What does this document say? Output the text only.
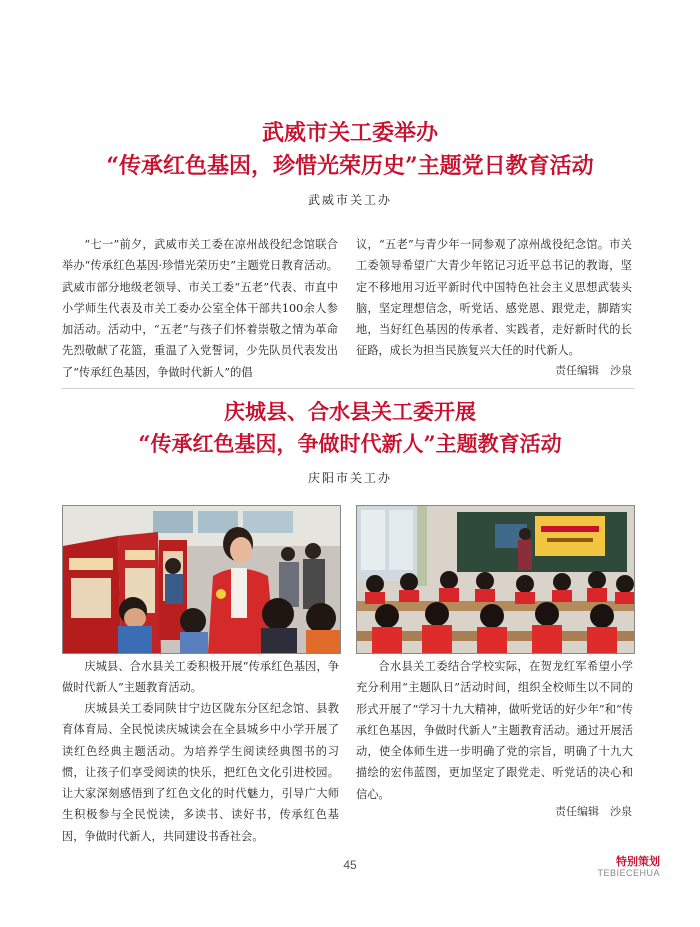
武威市关工委举办
“传承红色基因，珍惜光荣历史”主题党日教育活动
武威市关工办

“七一”前夕，武威市关工委在凉州战役纪念馆联合举办“传承红色基因·珍惜光荣历史”主题党日教育活动。武威市部分地级老领导、市关工委“五老”代表、市直中小学师生代表及市关工委办公室全体干部共100余人参加活动。活动中，“五老”与孩子们怀着崇敬之情为革命先烈敬献了花篮，重温了入党誓词，少先队员代表发出了“传承红色基因，争做时代新人”的倡

议，“五老”与青少年一同参观了凉州战役纪念馆。市关工委领导希望广大青少年铭记习近平总书记的教诲，坚定不移地用习近平新时代中国特色社会主义思想武装头脑，坚定理想信念，听党话、感党恩、跟党走，脚踏实地，当好红色基因的传承者、实践者，走好新时代的长征路，成长为担当民族复兴大任的时代新人。

责任编辑　沙泉
庆城县、合水县关工委开展
“传承红色基因，争做时代新人”主题教育活动
庆阳市关工办

庆城县、合水县关工委积极开展“传承红色基因，争做时代新人”主题教育活动。

庆城县关工委同陕甘宁边区陇东分区纪念馆、县教育体育局、全民悦读庆城读会在全县城乡中小学开展了读红色经典主题活动。为培养学生阅读经典图书的习惯，让孩子们享受阅读的快乐，把红色文化引进校园。让大家深刻感悟到了红色文化的时代魅力，引导广大师生积极参与全民悦读，多读书、读好书，传承红色基因，争做时代新人，共同建设书香社会。

合水县关工委结合学校实际，在贺龙红军希望小学充分利用“主题队日”活动时间，组织全校师生以不同的形式开展了“学习十九大精神，做听党话的好少年”和“传承红色基因，争做时代新人”主题教育活动。通过开展活动，使全体师生进一步明确了党的宗旨，明确了十九大描绘的宏伟蓝图，更加坚定了跟党走、听党话的决心和信心。

责任编辑　沙泉
45	特别策划
TEBIECEHUA
